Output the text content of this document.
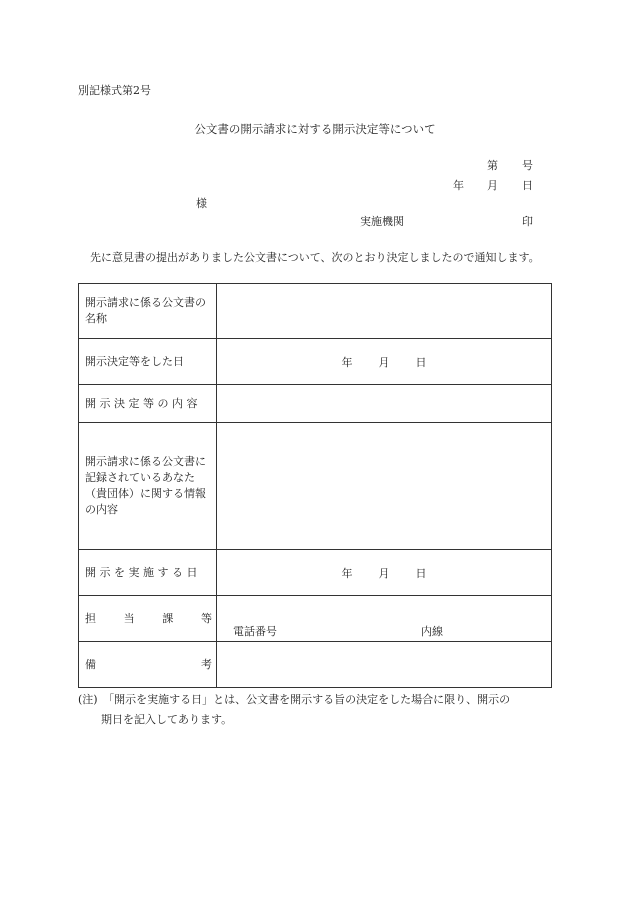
別記様式第2号
公文書の開示請求に対する開示決定等について
第 号
年 月 日
様
実施機関	印
先に意見書の提出がありました公文書について、次のとおり決定しましたので通知します。
開示請求に係る公文書の名称	
開示決定等をした日	年 月 日

開 示 決 定 等 の 内 容	
開示請求に係る公文書に記録されているあなた（貴団体）に関する情報の内容	
開 示 を 実 施 す る 日	年 月 日

担 当 課 等	電話番号 内線

備 考	

(注)　「開示を実施する日」とは、公文書を開示する旨の決定をした場合に限り、開示の
期日を記入してあります。
